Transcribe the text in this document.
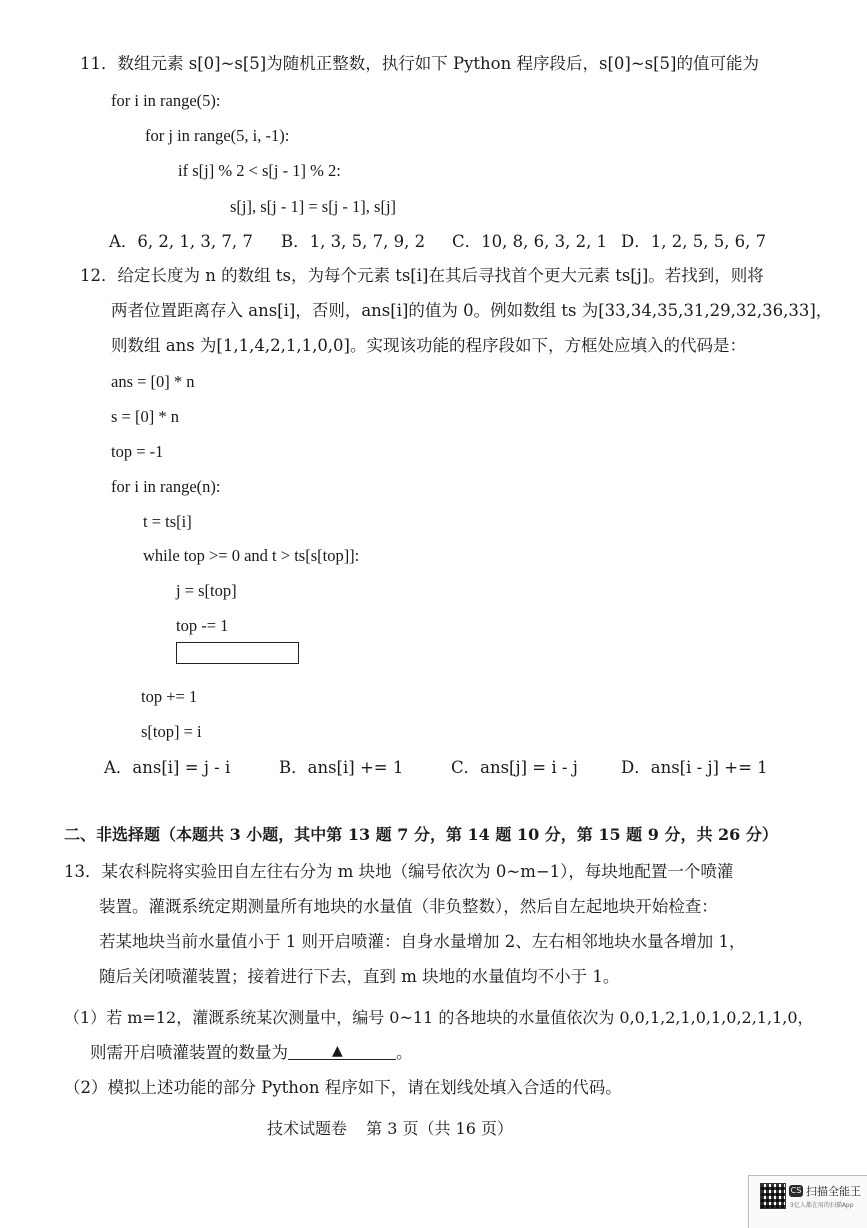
11．数组元素 s[0]~s[5]为随机正整数，执行如下 Python 程序段后，s[0]~s[5]的值可能为
for i in range(5):
for j in range(5, i, -1):
if s[j] % 2 < s[j - 1] % 2:
s[j], s[j - 1] = s[j - 1], s[j]
A．6, 2, 1, 3, 7, 7 B．1, 3, 5, 7, 9, 2 C．10, 8, 6, 3, 2, 1 D．1, 2, 5, 5, 6, 7
12．给定长度为 n 的数组 ts，为每个元素 ts[i]在其后寻找首个更大元素 ts[j]。若找到，则将
两者位置距离存入 ans[i]，否则，ans[i]的值为 0。例如数组 ts 为[33,34,35,31,29,32,36,33]，
则数组 ans 为[1,1,4,2,1,1,0,0]。实现该功能的程序段如下，方框处应填入的代码是：
ans = [0] * n
s = [0] * n
top = -1
for i in range(n):
t = ts[i]
while top >= 0 and t > ts[s[top]]:
j = s[top]
top -= 1
top += 1
s[top] = i
A．ans[i] = j - i	B．ans[i] += 1	C．ans[j] = i - j	D．ans[i - j] += 1
二、非选择题（本题共 3 小题，其中第 13 题 7 分，第 14 题 10 分，第 15 题 9 分，共 26 分）
13．某农科院将实验田自左往右分为 m 块地（编号依次为 0~m−1），每块地配置一个喷灌
装置。灌溉系统定期测量所有地块的水量值（非负整数），然后自左起地块开始检查：
若某地块当前水量值小于 1 则开启喷灌：自身水量增加 2、左右相邻地块水量各增加 1，
随后关闭喷灌装置；接着进行下去，直到 m 块地的水量值均不小于 1。
（1）若 m=12，灌溉系统某次测量中，编号 0~11 的各地块的水量值依次为 0,0,1,2,1,0,1,0,2,1,1,0，
则需开启喷灌装置的数量为	▲	。
（2）模拟上述功能的部分 Python 程序如下，请在划线处填入合适的代码。
技术试题卷 第 3 页（共 16 页）
CS 扫描全能王
3亿人都在用的扫描App
